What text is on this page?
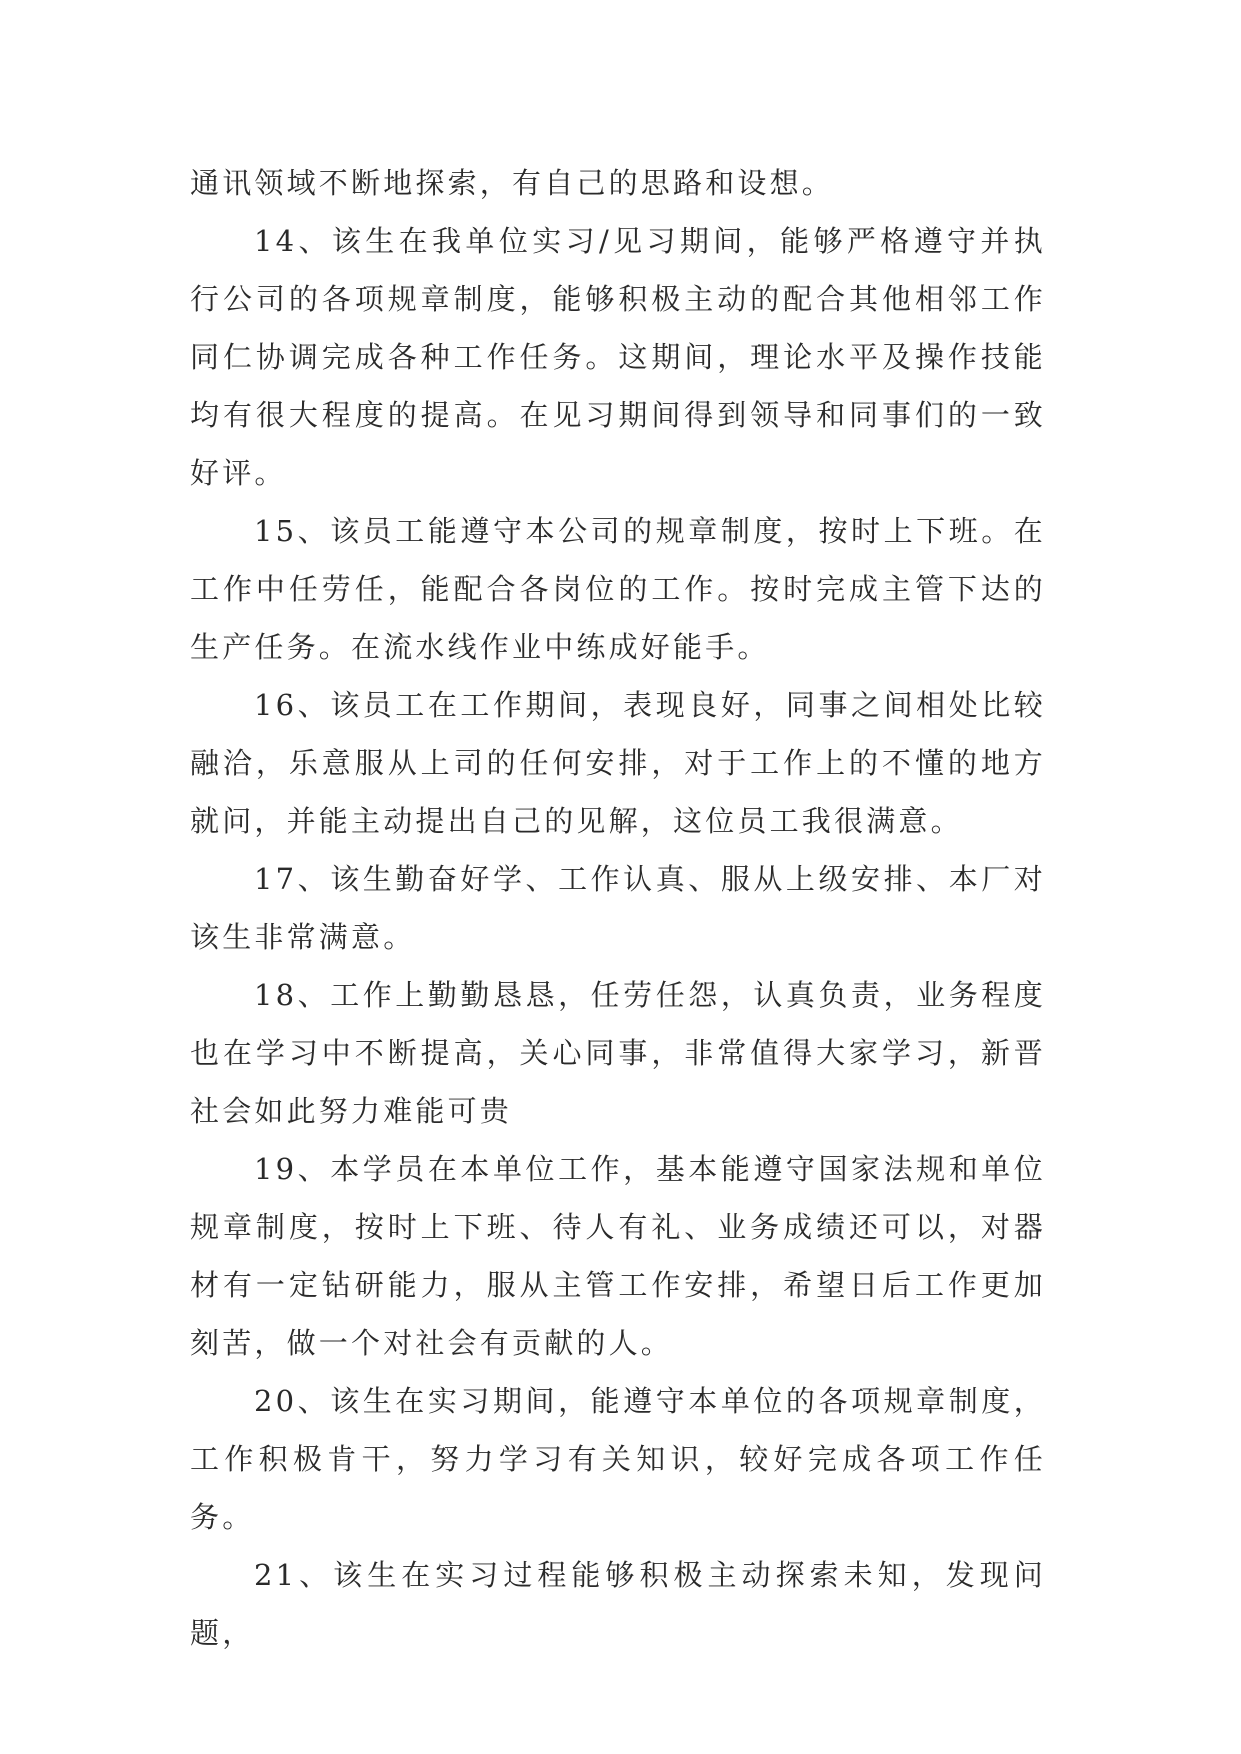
通讯领域不断地探索，有自己的思路和设想。

14、该生在我单位实习/见习期间，能够严格遵守并执行公司的各项规章制度，能够积极主动的配合其他相邻工作同仁协调完成各种工作任务。这期间，理论水平及操作技能均有很大程度的提高。在见习期间得到领导和同事们的一致好评。

15、该员工能遵守本公司的规章制度，按时上下班。在工作中任劳任，能配合各岗位的工作。按时完成主管下达的生产任务。在流水线作业中练成好能手。

16、该员工在工作期间，表现良好，同事之间相处比较融洽，乐意服从上司的任何安排，对于工作上的不懂的地方就问，并能主动提出自己的见解，这位员工我很满意。

17、该生勤奋好学、工作认真、服从上级安排、本厂对该生非常满意。

18、工作上勤勤恳恳，任劳任怨，认真负责，业务程度也在学习中不断提高，关心同事，非常值得大家学习，新晋社会如此努力难能可贵

19、本学员在本单位工作，基本能遵守国家法规和单位规章制度，按时上下班、待人有礼、业务成绩还可以，对器材有一定钻研能力，服从主管工作安排，希望日后工作更加刻苦，做一个对社会有贡献的人。

20、该生在实习期间，能遵守本单位的各项规章制度，工作积极肯干，努力学习有关知识，较好完成各项工作任务。

21、该生在实习过程能够积极主动探索未知，发现问题，
